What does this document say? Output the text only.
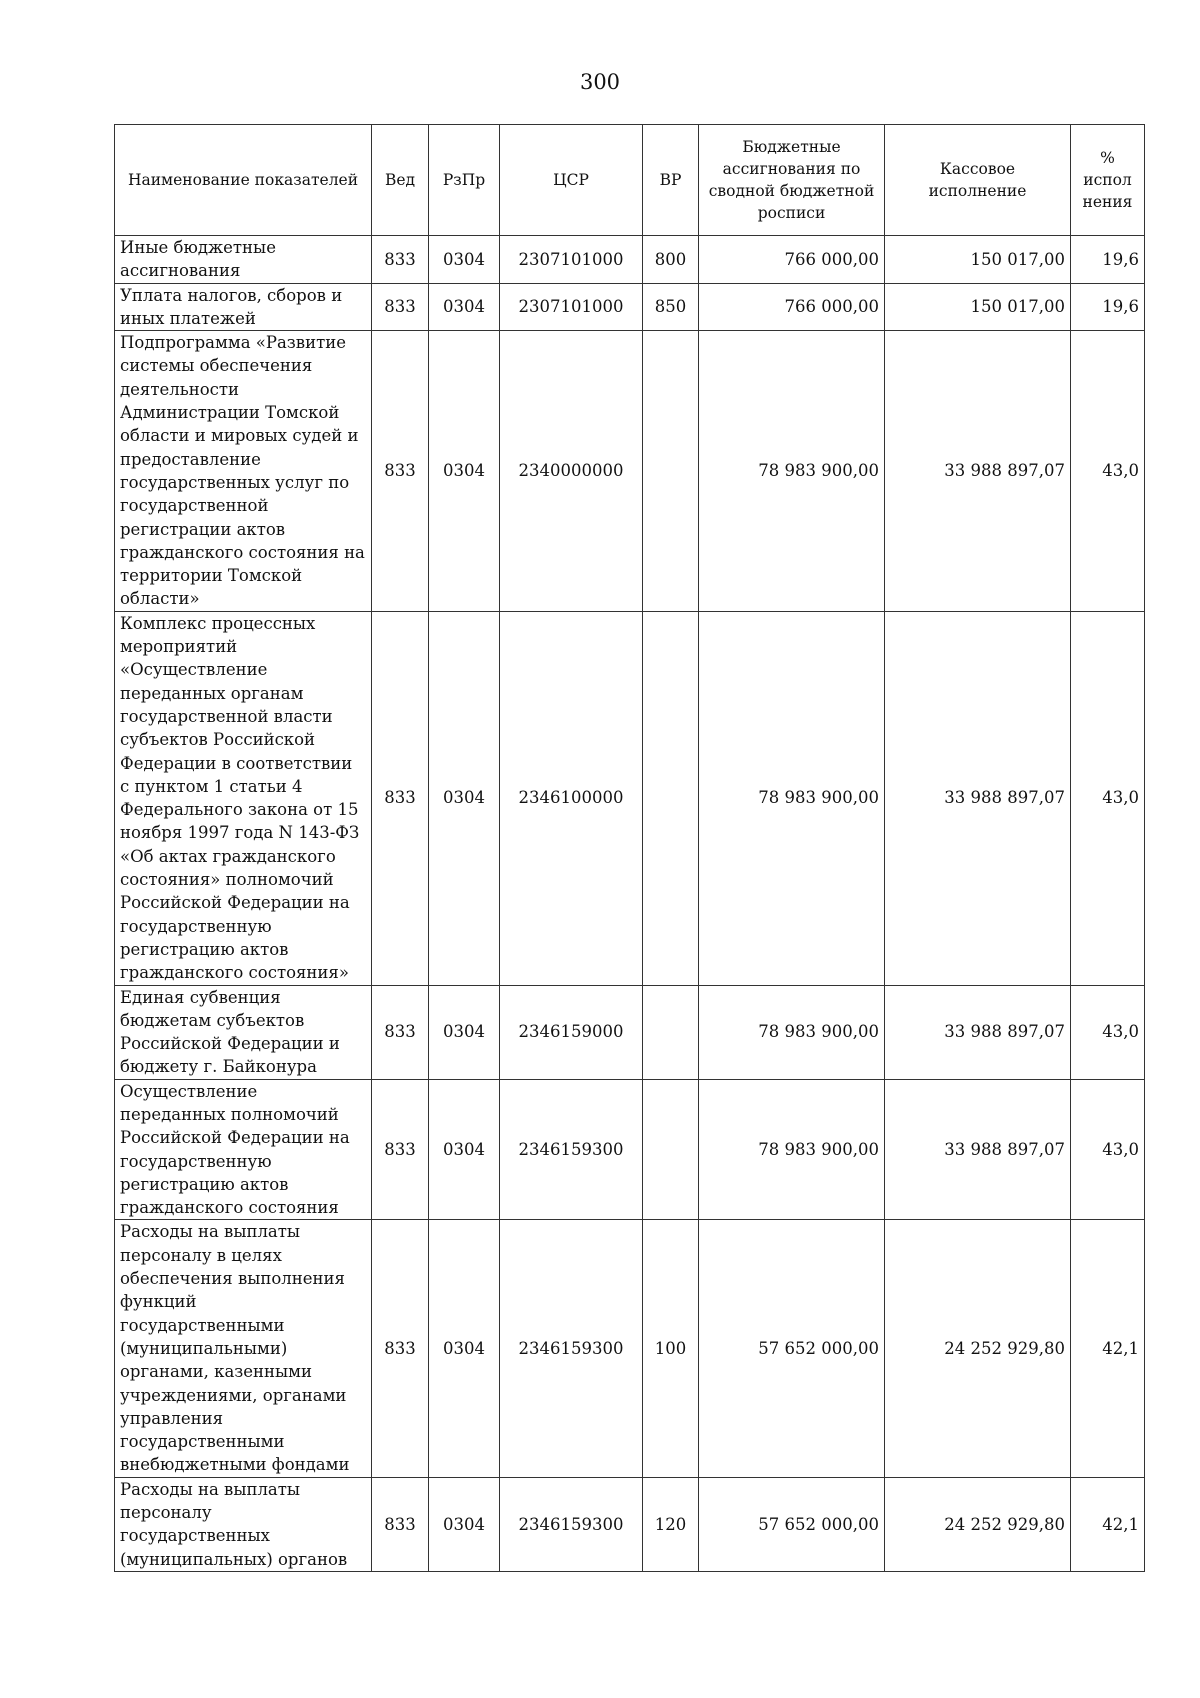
300
Наименование показателей	Вед	РзПр	ЦСР	ВР	Бюджетные ассигнования по сводной бюджетной росписи	Кассовое исполнение	% испол нения
Иные бюджетные ассигнования	833	0304	2307101000	800	766 000,00	150 017,00	19,6
Уплата налогов, сборов и иных платежей	833	0304	2307101000	850	766 000,00	150 017,00	19,6
Подпрограмма «Развитие системы обеспечения деятельности Администрации Томской области и мировых судей и предоставление государственных услуг по государственной регистрации актов гражданского состояния на территории Томской области»	833	0304	2340000000		78 983 900,00	33 988 897,07	43,0
Комплекс процессных мероприятий «Осуществление переданных органам государственной власти субъектов Российской Федерации в соответствии с пунктом 1 статьи 4 Федерального закона от 15 ноября 1997 года N 143-ФЗ «Об актах гражданского состояния» полномочий Российской Федерации на государственную регистрацию актов гражданского состояния»	833	0304	2346100000		78 983 900,00	33 988 897,07	43,0
Единая субвенция бюджетам субъектов Российской Федерации и бюджету г. Байконура	833	0304	2346159000		78 983 900,00	33 988 897,07	43,0
Осуществление переданных полномочий Российской Федерации на государственную регистрацию актов гражданского состояния	833	0304	2346159300		78 983 900,00	33 988 897,07	43,0
Расходы на выплаты персоналу в целях обеспечения выполнения функций государственными (муниципальными) органами, казенными учреждениями, органами управления государственными внебюджетными фондами	833	0304	2346159300	100	57 652 000,00	24 252 929,80	42,1
Расходы на выплаты персоналу государственных (муниципальных) органов	833	0304	2346159300	120	57 652 000,00	24 252 929,80	42,1
